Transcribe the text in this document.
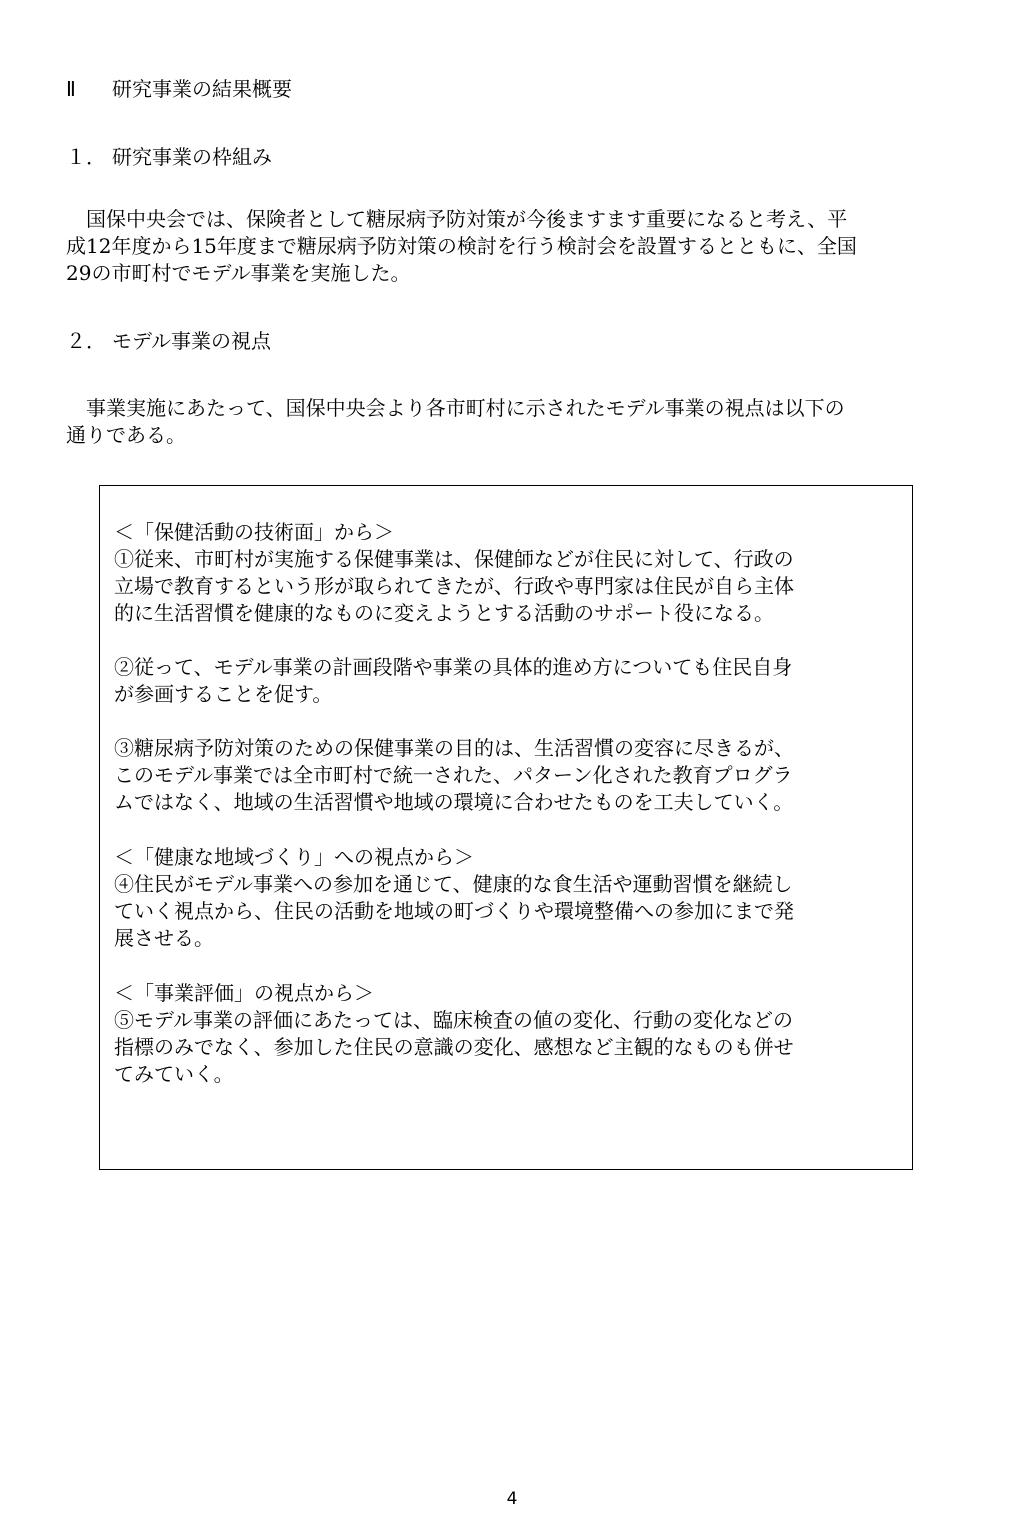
Ⅱ 研究事業の結果概要
１． 研究事業の枠組み

国保中央会では、保険者として糖尿病予防対策が今後ますます重要になると考え、平
成12年度から15年度まで糖尿病予防対策の検討を行う検討会を設置するとともに、全国
29の市町村でモデル事業を実施した。

２． モデル事業の視点

事業実施にあたって、国保中央会より各市町村に示されたモデル事業の視点は以下の
通りである。

＜「保健活動の技術面」から＞

①従来、市町村が実施する保健事業は、保健師などが住民に対して、行政の
立場で教育するという形が取られてきたが、行政や専門家は住民が自ら主体
的に生活習慣を健康的なものに変えようとする活動のサポート役になる。

②従って、モデル事業の計画段階や事業の具体的進め方についても住民自身
が参画することを促す。

③糖尿病予防対策のための保健事業の目的は、生活習慣の変容に尽きるが、
このモデル事業では全市町村で統一された、パターン化された教育プログラ
ムではなく、地域の生活習慣や地域の環境に合わせたものを工夫していく。

＜「健康な地域づくり」への視点から＞

④住民がモデル事業への参加を通じて、健康的な食生活や運動習慣を継続し
ていく視点から、住民の活動を地域の町づくりや環境整備への参加にまで発
展させる。

＜「事業評価」の視点から＞

⑤モデル事業の評価にあたっては、臨床検査の値の変化、行動の変化などの
指標のみでなく、参加した住民の意識の変化、感想など主観的なものも併せ
てみていく。

4
